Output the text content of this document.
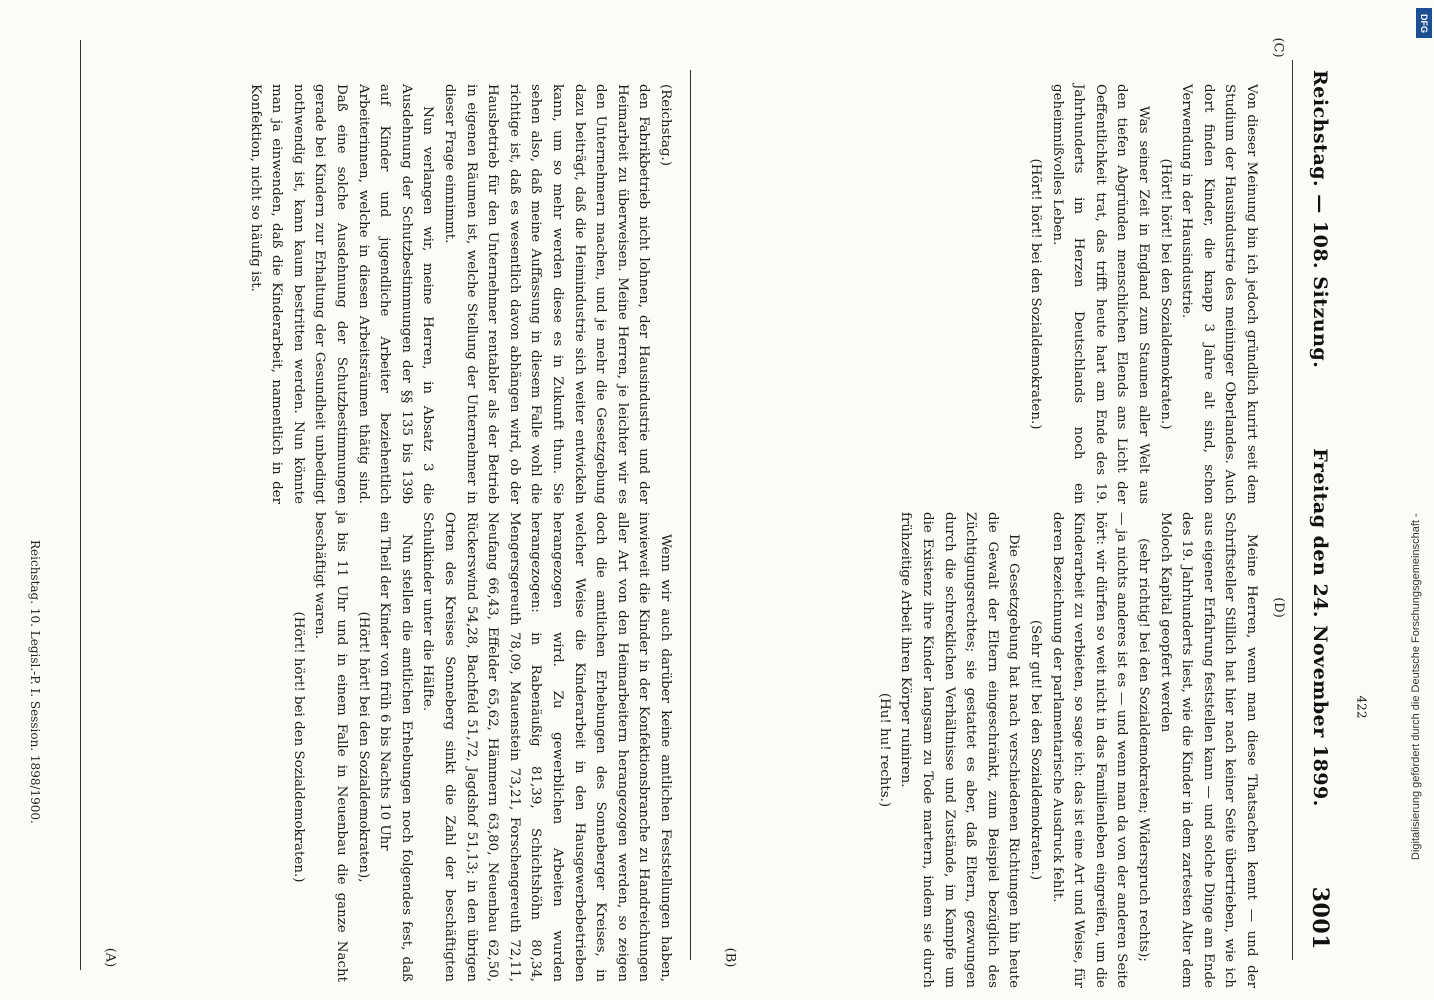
Reichstag. — 108. Sitzung.
Freitag den 24. November 1899.
3001
(C)
(D)
(A)	(B)

Von dieser Meinung bin ich jedoch gründlich kurirt seit dem Studium der Hausindustrie des meininger Oberlandes. Auch dort finden Kinder, die knapp 3 Jahre alt sind, schon Verwendung in der Hausindustrie.

(Hört! hört! bei den Sozialdemokraten.)

Was seiner Zeit in England zum Staunen aller Welt aus den tiefen Abgründen menschlichen Elends ans Licht der Oeffentlichkeit trat, das trifft heute hart am Ende des 19. Jahrhunderts im Herzen Deutschlands noch ein geheimnißvolles Leben.

(Hört! hört! bei den Sozialdemokraten.)

Meine Herren, wenn man diese Thatsachen kennt — und der Schriftsteller Stillich hat hier nach keiner Seite übertrieben, wie ich aus eigener Erfahrung feststellen kann — und solche Dinge am Ende des 19. Jahrhunderts liest, wie die Kinder in dem zartesten Alter dem Moloch Kapital geopfert werden

(sehr richtig! bei den Sozialdemokraten; Widerspruch rechts);

— ja nichts anderes ist es — und wenn man da von der anderen Seite hört: wir dürfen so weit nicht in das Familienleben eingreifen, um die Kinderarbeit zu verbieten, so sage ich: das ist eine Art und Weise, für deren Bezeichnung der parlamentarische Ausdruck fehlt.

(Sehr gut! bei den Sozialdemokraten.)

Die Gesetzgebung hat nach verschiedenen Richtungen hin heute die Gewalt der Eltern eingeschränkt, zum Beispiel bezüglich des Züchtigungsrechtes; sie gestattet es aber, daß Eltern, gezwungen durch die schrecklichen Verhältnisse und Zustände, im Kampfe um die Existenz ihre Kinder langsam zu Tode martern, indem sie durch frühzeitige Arbeit ihren Körper ruiniren.

(Hu! hu! rechts.)

(Reichstag.)

den Fabrikbetrieb nicht lohnen, der Hausindustrie und der Heimarbeit zu überweisen. Meine Herren, je leichter wir es den Unternehmern machen, und je mehr die Gesetzgebung dazu beiträgt, daß die Heimindustrie sich weiter entwickeln kann, um so mehr werden diese es in Zukunft thun. Sie sehen also, daß meine Auffassung in diesem Falle wohl die richtige ist, daß es wesentlich davon abhängen wird, ob der Hausbetrieb für den Unternehmer rentabler als der Betrieb in eigenen Räumen ist, welche Stellung der Unternehmer in dieser Frage einnimmt.

Nun verlangen wir, meine Herren, in Absatz 3 die Ausdehnung der Schutzbestimmungen der §§ 135 bis 139b auf Kinder und jugendliche Arbeiter beziehentlich Arbeiterinnen, welche in diesen Arbeitsräumen thätig sind. Daß eine solche Ausdehnung der Schutzbestimmungen gerade bei Kindern zur Erhaltung der Gesundheit unbedingt nothwendig ist, kann kaum bestritten werden. Nun könnte man ja einwenden, daß die Kinderarbeit, namentlich in der Konfektion, nicht so häufig ist.

Wenn wir auch darüber keine amtlichen Feststellungen haben, inwieweit die Kinder in der Konfektionsbranche zu Handreichungen aller Art von den Heimarbeitern herangezogen werden, so zeigen doch die amtlichen Erhebungen des Sonneberger Kreises, in welcher Weise die Kinderarbeit in den Hausgewerbebetrieben herangezogen wird. Zu gewerblichen Arbeiten wurden herangezogen: in Rabenäußig 81,39, Schichtshöhn 80,34, Mengersgereuth 78,09, Mauenstein 73,21, Forschengereuth 72,11, Neufang 66,43, Effelder 65,62, Hämmern 63,80, Neuenbau 62,50, Rückerswind 54,28, Bachfeld 51,72, Jagdshof 51,13; in den übrigen Orten des Kreises Sonneberg sinkt die Zahl der beschäftigten Schulkinder unter die Hälfte.

Nun stellen die amtlichen Erhebungen noch folgendes fest, daß ein Theil der Kinder von früh 6 bis Nachts 10 Uhr

(Hört! hört! bei den Sozialdemokraten),

ja bis 11 Uhr und in einem Falle in Neuenbau die ganze Nacht beschäftigt waren.

(Hört! hört! bei den Sozialdemokraten.)

Reichstag. 10. Legisl.-P. I. Session. 1898/1900.	422	Digitalisierung gefördert durch die Deutsche Forschungsgemeinschaft -
DFG
